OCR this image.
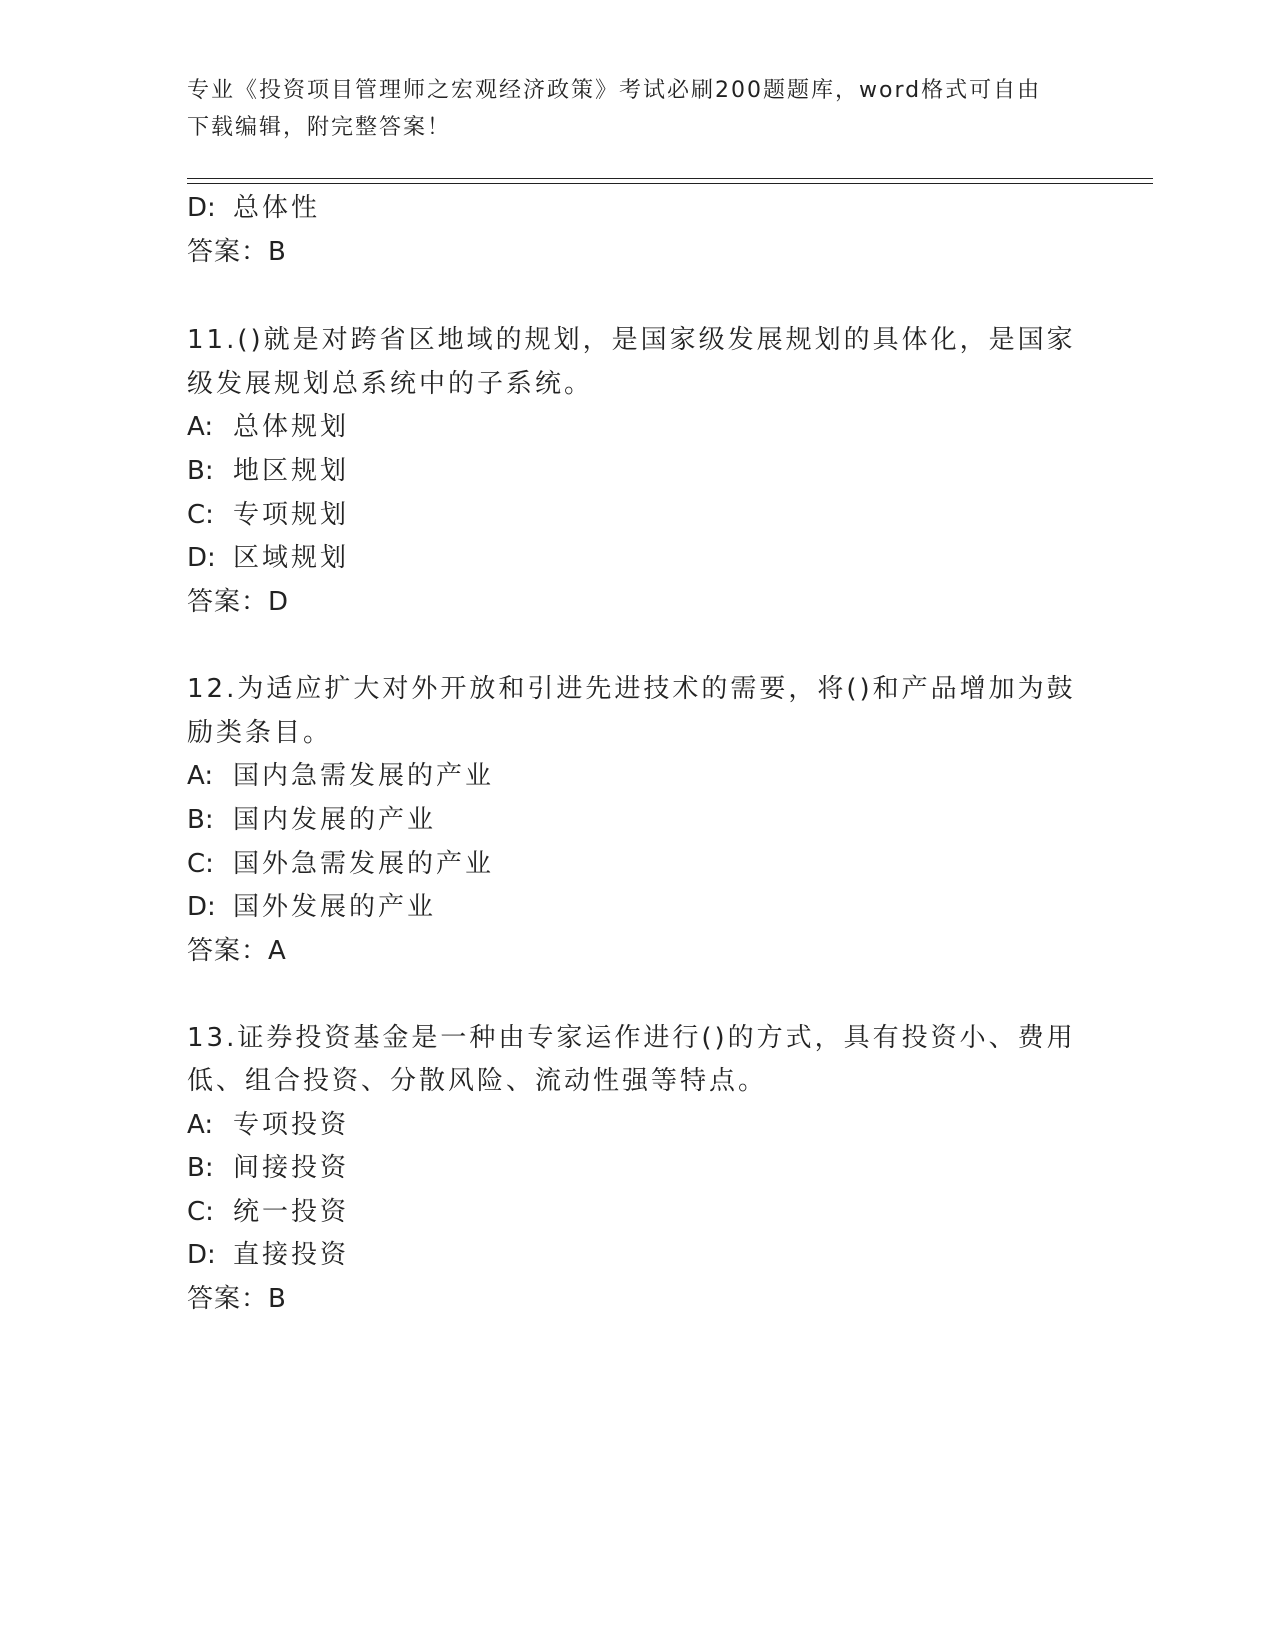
专业《投资项目管理师之宏观经济政策》考试必刷200题题库，word格式可自由
下载编辑，附完整答案！
D: 总体性
答案：B
11.()就是对跨省区地域的规划，是国家级发展规划的具体化，是国家
级发展规划总系统中的子系统。
A: 总体规划
B: 地区规划
C: 专项规划
D: 区域规划
答案：D
12.为适应扩大对外开放和引进先进技术的需要，将()和产品增加为鼓
励类条目。
A: 国内急需发展的产业
B: 国内发展的产业
C: 国外急需发展的产业
D: 国外发展的产业
答案：A
13.证券投资基金是一种由专家运作进行()的方式，具有投资小、费用
低、组合投资、分散风险、流动性强等特点。
A: 专项投资
B: 间接投资
C: 统一投资
D: 直接投资
答案：B
